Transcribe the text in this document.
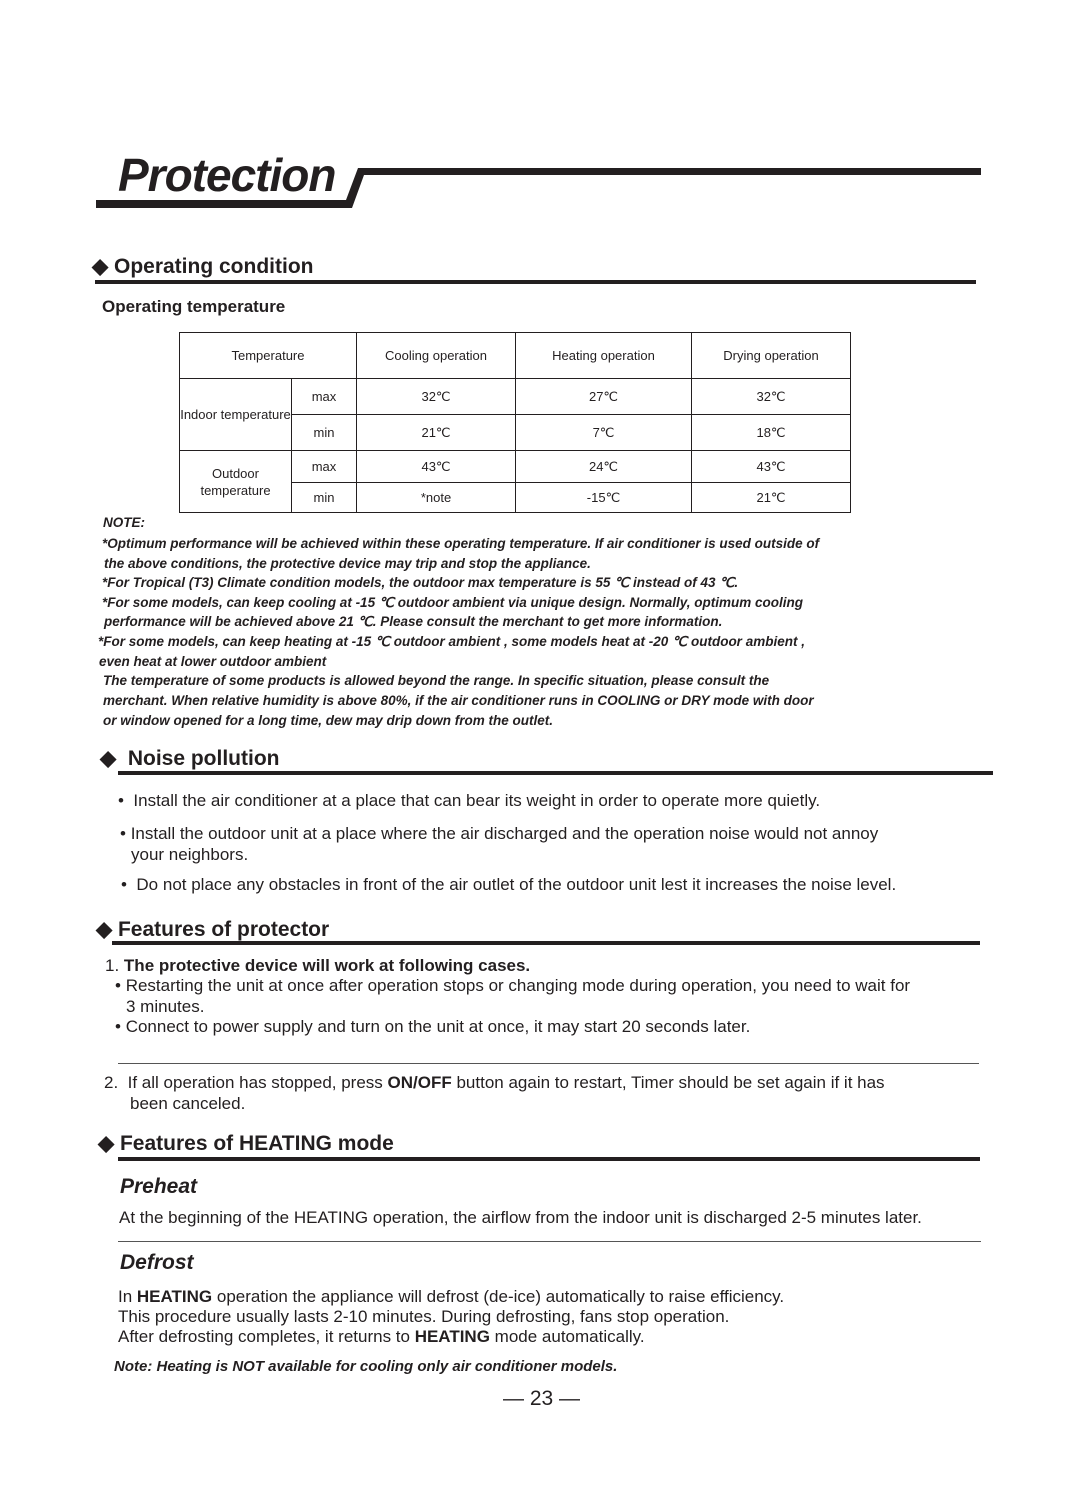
Protection
◆ Operating condition
Operating temperature
Temperature		Cooling operation	Heating operation	Drying operation
Indoor temperature	max	32℃	27℃	32℃
	min	21℃	7℃	18℃
Outdoor temperature	max	43℃	24℃	43℃
	min	*note	-15℃	21℃
NOTE:
*Optimum performance will be achieved within these operating temperature. If air conditioner is used outside of
the above conditions, the protective device may trip and stop the appliance.
*For Tropical (T3) Climate condition models, the outdoor max temperature is 55 ℃ instead of 43 ℃.
*For some models, can keep cooling at -15 ℃ outdoor ambient via unique design. Normally, optimum cooling
performance will be achieved above 21 ℃. Please consult the merchant to get more information.
*For some models, can keep heating at -15 ℃ outdoor ambient , some models heat at -20 ℃ outdoor ambient ,
even heat at lower outdoor ambient
The temperature of some products is allowed beyond the range. In specific situation, please consult the
merchant. When relative humidity is above 80%, if the air conditioner runs in COOLING or DRY mode with door
or window opened for a long time, dew may drip down from the outlet.
◆  Noise pollution
•  Install the air conditioner at a place that can bear its weight in order to operate more quietly.
• Install the outdoor unit at a place where the air discharged and the operation noise would not annoy
your neighbors.
•  Do not place any obstacles in front of the air outlet of the outdoor unit lest it increases the noise level.
◆ Features of protector
1. The protective device will work at following cases.
• Restarting the unit at once after operation stops or changing mode during operation, you need to wait for
3 minutes.
• Connect to power supply and turn on the unit at once, it may start 20 seconds later.
2. If all operation has stopped, press ON/OFF button again to restart, Timer should be set again if it has
been canceled.
◆ Features of HEATING mode
Preheat
At the beginning of the HEATING operation, the airflow from the indoor unit is discharged 2-5 minutes later.
Defrost
In HEATING operation the appliance will defrost (de-ice) automatically to raise efficiency.
This procedure usually lasts 2-10 minutes. During defrosting, fans stop operation.
After defrosting completes, it returns to HEATING mode automatically.
Note: Heating is NOT available for cooling only air conditioner models.
— 23 —
